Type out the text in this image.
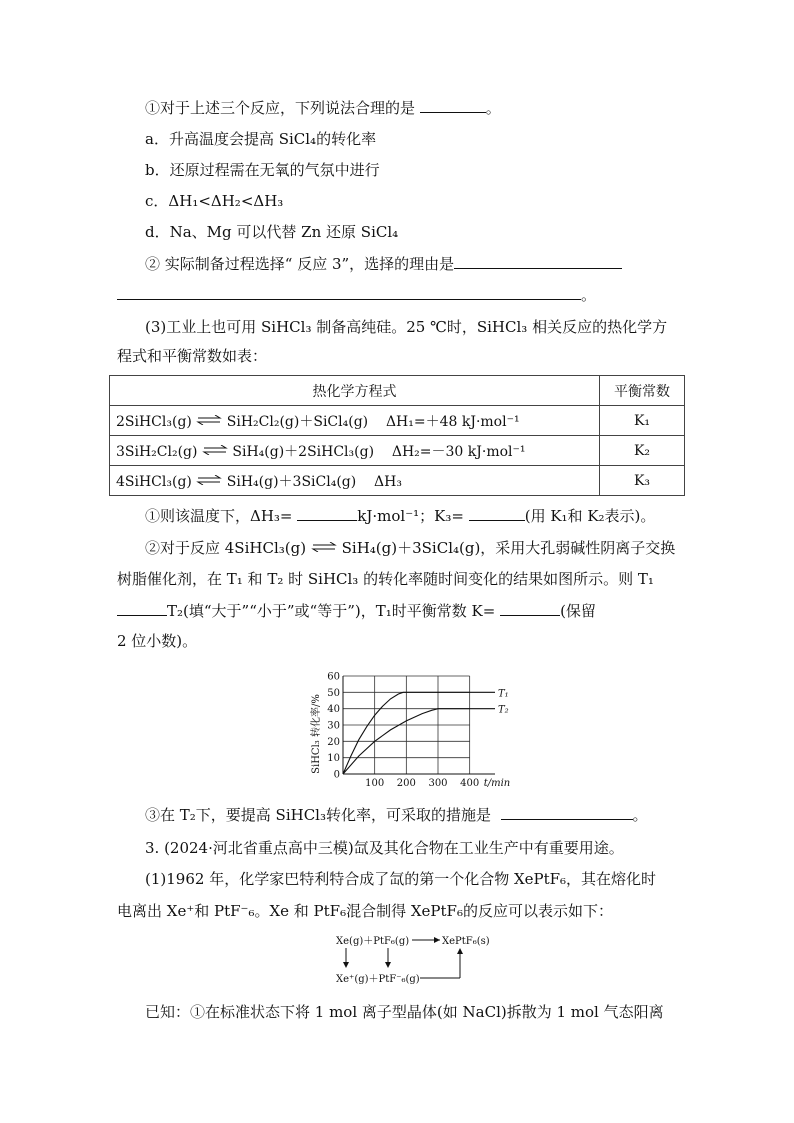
①对于上述三个反应，下列说法合理的是	。
a．升高温度会提高 SiCl₄的转化率
b．还原过程需在无氧的气氛中进行
c．ΔH₁<ΔH₂<ΔH₃
d．Na、Mg 可以代替 Zn 还原 SiCl₄
② 实际制备过程选择“ 反应 3”，选择的理由是
。
(3)工业上也可用 SiHCl₃ 制备高纯硅。25 ℃时，SiHCl₃ 相关反应的热化学方
程式和平衡常数如表：
热化学方程式	平衡常数
2SiHCl₃(g) ⇌ SiH₂Cl₂(g)＋SiCl₄(g) ΔH₁=＋48 kJ·mol⁻¹	K₁
3SiH₂Cl₂(g) ⇌ SiH₄(g)＋2SiHCl₃(g) ΔH₂=－30 kJ·mol⁻¹	K₂
4SiHCl₃(g) ⇌ SiH₄(g)＋3SiCl₄(g) ΔH₃	K₃
①则该温度下，ΔH₃=	kJ·mol⁻¹；K₃=	(用 K₁和 K₂表示)。
②对于反应 4SiHCl₃(g) ⇌ SiH₄(g)＋3SiCl₄(g)，采用大孔弱碱性阴离子交换
树脂催化剂，在 T₁ 和 T₂ 时 SiHCl₃ 的转化率随时间变化的结果如图所示。则 T₁
T₂(填“大于”“小于”或“等于”)，T₁时平衡常数 K=	(保留
2 位小数)。
0
10
20
30
40
50
60
100 200 300 400
T₁
T₂
SiHCl₃ 转化率/%
t/min
③在 T₂下，要提高 SiHCl₃转化率，可采取的措施是	。
3. (2024·河北省重点高中三模)氙及其化合物在工业生产中有重要用途。
(1)1962 年，化学家巴特利特合成了氙的第一个化合物 XePtF₆，其在熔化时
电离出 Xe⁺和 PtF⁻₆。Xe 和 PtF₆混合制得 XePtF₆的反应可以表示如下：
Xe(g)＋PtF₆(g)	XePtF₆(s)
Xe⁺(g)＋PtF⁻₆(g)
已知：①在标准状态下将 1 mol 离子型晶体(如 NaCl)拆散为 1 mol 气态阳离
